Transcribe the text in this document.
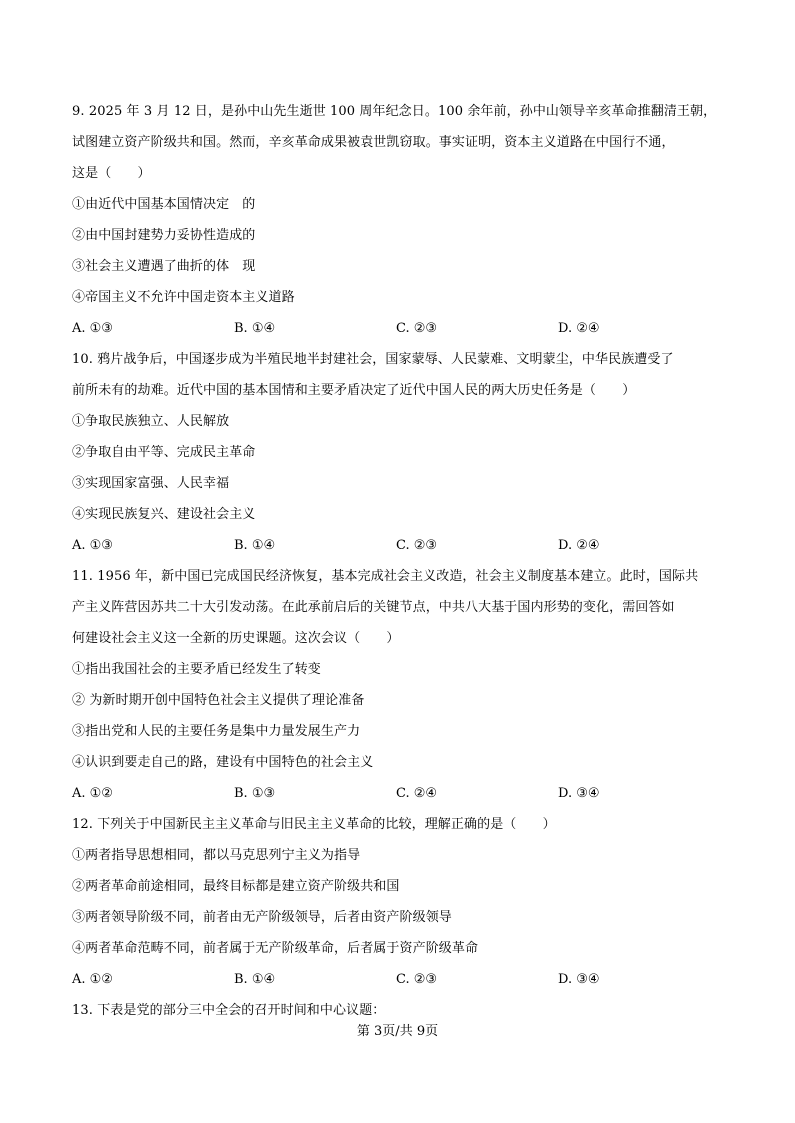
9. 2025 年 3 月 12 日，是孙中山先生逝世 100 周年纪念日。100 余年前，孙中山领导辛亥革命推翻清王朝，

试图建立资产阶级共和国。然而，辛亥革命成果被袁世凯窃取。事实证明，资本主义道路在中国行不通，

这是（　　）

①由近代中国基本国情决定　的

②由中国封建势力妥协性造成的

③社会主义遭遇了曲折的体　现

④帝国主义不允许中国走资本主义道路

A. ①③	B. ①④	C. ②③	D. ②④

10. 鸦片战争后，中国逐步成为半殖民地半封建社会，国家蒙辱、人民蒙难、文明蒙尘，中华民族遭受了

前所未有的劫难。近代中国的基本国情和主要矛盾决定了近代中国人民的两大历史任务是（　　）

①争取民族独立、人民解放

②争取自由平等、完成民主革命

③实现国家富强、人民幸福

④实现民族复兴、建设社会主义

A. ①③	B. ①④	C. ②③	D. ②④

11. 1956 年，新中国已完成国民经济恢复，基本完成社会主义改造，社会主义制度基本建立。此时，国际共

产主义阵营因苏共二十大引发动荡。在此承前启后的关键节点，中共八大基于国内形势的变化，需回答如

何建设社会主义这一全新的历史课题。这次会议（　　）

①指出我国社会的主要矛盾已经发生了转变

② 为新时期开创中国特色社会主义提供了理论准备

③指出党和人民的主要任务是集中力量发展生产力

④认识到要走自己的路，建设有中国特色的社会主义

A. ①②	B. ①③	C. ②④	D. ③④

12. 下列关于中国新民主主义革命与旧民主主义革命的比较，理解正确的是（　　）

①两者指导思想相同，都以马克思列宁主义为指导

②两者革命前途相同，最终目标都是建立资产阶级共和国

③两者领导阶级不同，前者由无产阶级领导，后者由资产阶级领导

④两者革命范畴不同，前者属于无产阶级革命，后者属于资产阶级革命

A. ①②	B. ①④	C. ②③	D. ③④

13. 下表是党的部分三中全会的召开时间和中心议题：

第 3页/共 9页
